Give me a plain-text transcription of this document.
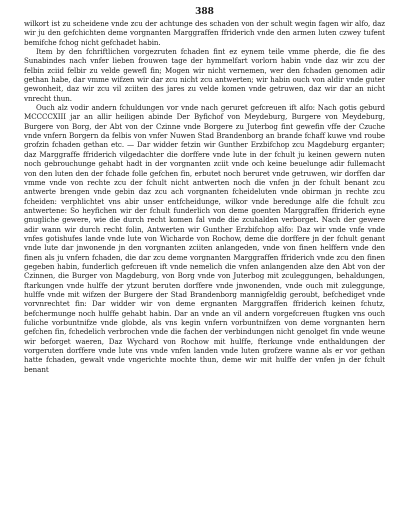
388

wilkort ist zu scheidene vnde zcu der achtunge des schaden von der schult wegin fagen wir alfo, daz wir ju den gefchichten deme vorgnanten Marggraffen ffriderich vnde den armen luten czwey tufent bemifche fchog nicht gefchadet habin.

Item by den fchriftlichen vorgezruten fchaden fint ez eynem teile vmme pherde, die fie des Sunabindes nach vnfer lieben frouwen tage der hymmelfart vorlorn habin vnde daz wir zcu der felbin zciid felbir zu velde gewefl fin; Mogen wir nicht vernemen, wer den fchaden genomen adir gethan habe, dar vmme wifzen wir dar zcu nicht zcu antwerten; wir habin ouch von aldir vnde guter gewonheit, daz wir zcu vil zciiten des jares zu velde komen vnde getruwen, daz wir dar an nicht vnrecht thun.

Ouch alz vodir andern fchuldungen vor vnde nach geruret gefcreuen ift alfo: Nach gotis geburd MCCCCXIII jar an allir heiligen abinde Der Byfichof von Meydeburg, Burgere von Meydeburg, Burgere von Borg, der Abt von der Czinne vnde Borgere zu Juterbog fint gewefin vffe der Czuche vnde vnfern Borgern da felbis von vnfer Nuwen Stad Brandenborg an brande fchaff kuwe vnd roube grofzin fchaden gethan etc. — Dar widder fetzin wir Gunther Erzbifchop zcu Magdeburg erganter; daz Marggraffe ffriderich vilgedachter die dorffere vnde lute in der fchult ju keinen gewern nuten noch gebrouchunge gehabt hadt in der vorgnanten zciit vnde och keine beuelunge adir fullemacht von den luten den der fchade folle gefchen fin, erbutet noch beruret vnde getruwen, wir dorffen dar vmme vnde von rechte zcu der fchult nicht antwerten noch die vnfen jn der fchult benant zcu antwerte brengen vnde gebin daz zcu ach vorgnanten fcheideluten vnde obirman jn rechte zcu fcheiden: verphlichtet vns abir unser entfcheidunge, wilkor vnde beredunge alfe die fchult zcu antwertene: So heyfichen wir der fchult funderlich von deme goenten Marggraffen ffriderich eyne gnugliche gewere, wie die durch recht komen fal vnde die zcuhalden verborget. Nach der gewere adir wann wir durch recht folin, Antwerten wir Gunther Erzbifchop alfo: Daz wir vnde vnfe vnde vnfes gotishufes lande vnde lute von Wicharde von Rochow, deme die dorffere jn der fchult genant vnde lute dar jnwonende jn den vorgnanten zciiten anlangeden, vnde von finen helffern vnde den finen als ju vnfern fchaden, die dar zcu deme vorgnanten Marggraffen ffriderich vnde zcu den finen gegeben habin, funderlich gefcreuen ift vnde nemelich die vnfen anlangenden alze den Abt von der Czinnen, die Burger von Magdeburg, von Borg vnde von Juterbog mit zculeggungen, behaldungen, ftarkungen vnde hulffe der ytzunt beruten dorffere vnde jnwonenden, vnde ouch mit zuleggunge, hulffe vnde mit wifzen der Burgere der Stad Brandenborg mannigfeldig geroubt, befchediget vnde vorvnrechtet fin: Dar widder wir von deme ergnanten Marggraffen ffriderich keinen fchutz, befchermunge noch hulffe gehabt habin. Dar an vnde an vil andern vorgefcreuen ftugken vns ouch fuliche vorbuntnifze vnde globde, als vns kegin vnfern vorbuntnifzen von deme vorgnanten hern gefchen fin, fchedelich verbrochen vnde die fachen der verbindungen nicht genolget fin vnde weune wir beforget waeren, Daz Wychard von Rochow mit hulffe, fterkunge vnde enthaldungen der vorgeruten dorffere vnde lute vns vnde vnfen landen vnde luten grofzere wanne als er vor gethan hatte fchaden, gewalt vnde vngerichte mochte thun, deme wir mit hulffe der vnfen jn der fchult benant
